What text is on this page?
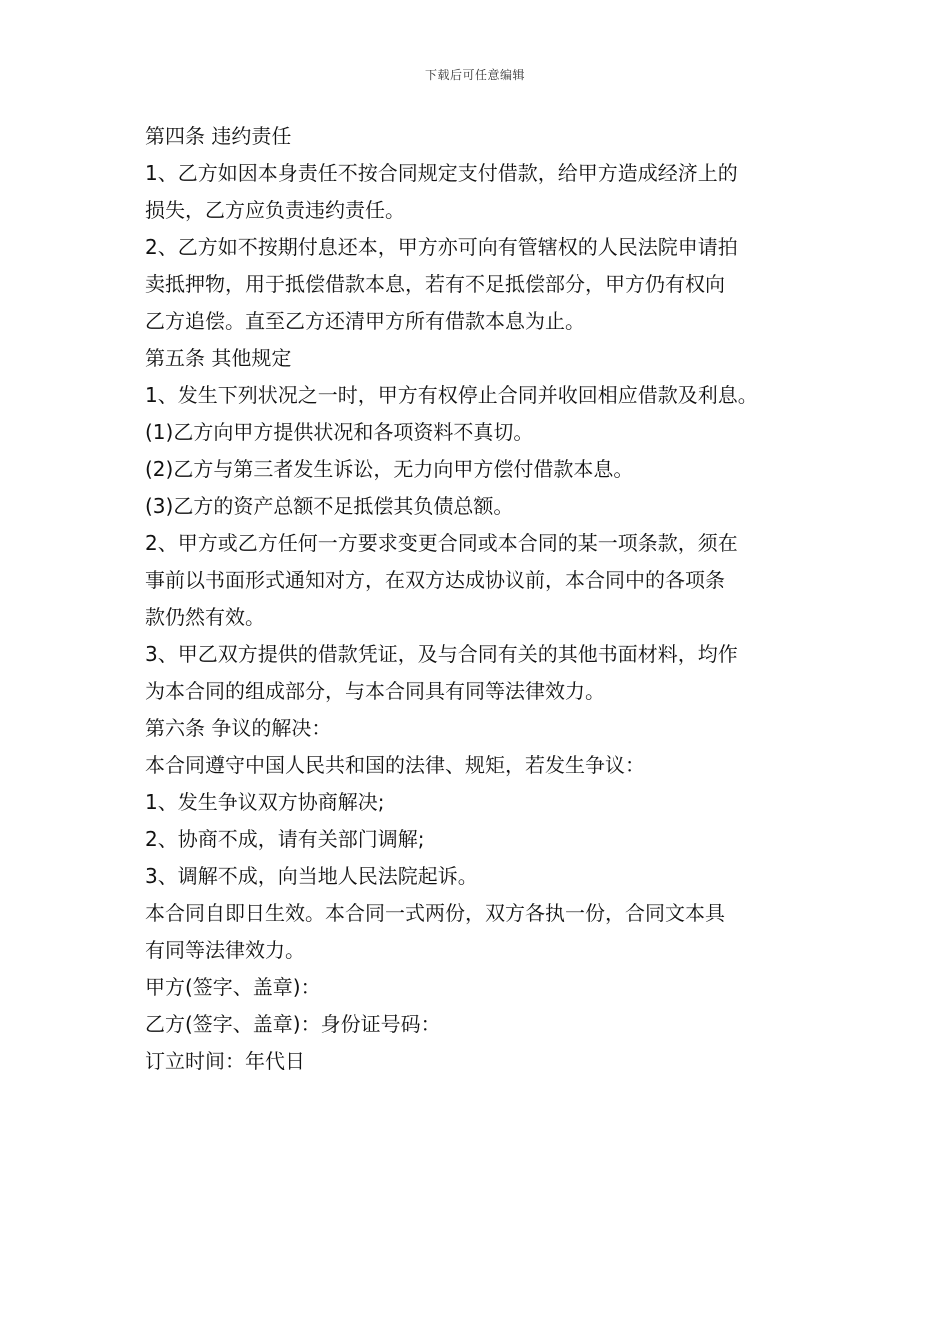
下载后可任意编辑
第四条 违约责任
1、乙方如因本身责任不按合同规定支付借款，给甲方造成经济上的
损失，乙方应负责违约责任。
2、乙方如不按期付息还本，甲方亦可向有管辖权的人民法院申请拍
卖抵押物，用于抵偿借款本息，若有不足抵偿部分，甲方仍有权向
乙方追偿。直至乙方还清甲方所有借款本息为止。
第五条 其他规定
1、发生下列状况之一时，甲方有权停止合同并收回相应借款及利息。
(1)乙方向甲方提供状况和各项资料不真切。
(2)乙方与第三者发生诉讼，无力向甲方偿付借款本息。
(3)乙方的资产总额不足抵偿其负债总额。
2、甲方或乙方任何一方要求变更合同或本合同的某一项条款，须在
事前以书面形式通知对方，在双方达成协议前，本合同中的各项条
款仍然有效。
3、甲乙双方提供的借款凭证，及与合同有关的其他书面材料，均作
为本合同的组成部分，与本合同具有同等法律效力。
第六条 争议的解决：
本合同遵守中国人民共和国的法律、规矩，若发生争议：
1、发生争议双方协商解决;
2、协商不成，请有关部门调解;
3、调解不成，向当地人民法院起诉。
本合同自即日生效。本合同一式两份，双方各执一份，合同文本具
有同等法律效力。
甲方(签字、盖章)：
乙方(签字、盖章)：身份证号码：
订立时间：年代日
